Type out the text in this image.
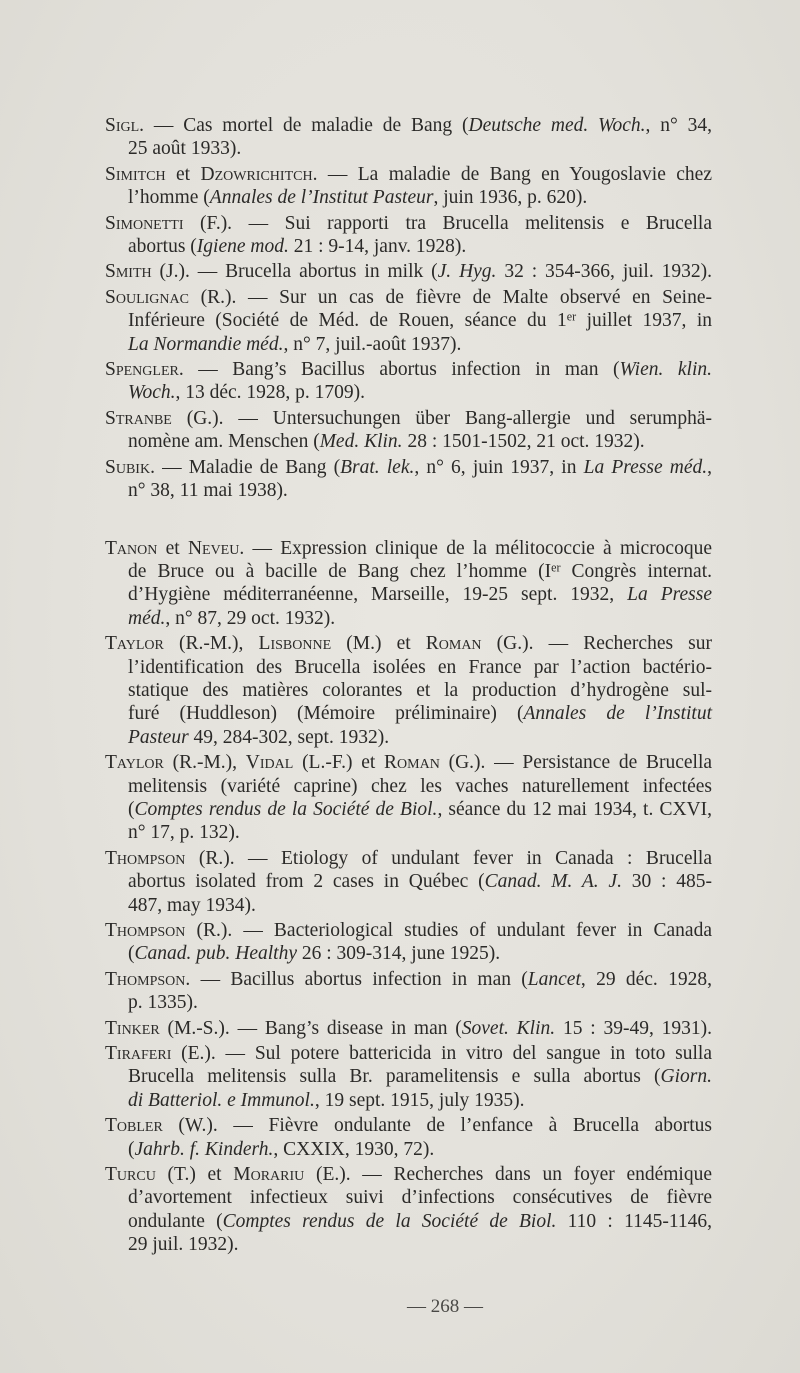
Sigl. — Cas mortel de maladie de Bang (Deutsche med. Woch., n° 34,
25 août 1933).
Simitch et Dzowrichitch. — La maladie de Bang en Yougoslavie chez
l’homme (Annales de l’Institut Pasteur, juin 1936, p. 620).
Simonetti (F.). — Sui rapporti tra Brucella melitensis e Brucella
abortus (Igiene mod. 21 : 9-14, janv. 1928).
Smith (J.). — Brucella abortus in milk (J. Hyg. 32 : 354-366, juil. 1932).
Soulignac (R.). — Sur un cas de fièvre de Malte observé en Seine-
Inférieure (Société de Méd. de Rouen, séance du 1er juillet 1937, in
La Normandie méd., n° 7, juil.-août 1937).
Spengler. — Bang’s Bacillus abortus infection in man (Wien. klin.
Woch., 13 déc. 1928, p. 1709).
Stranbe (G.). — Untersuchungen über Bang-allergie und serumphä-
nomène am. Menschen (Med. Klin. 28 : 1501-1502, 21 oct. 1932).
Subik. — Maladie de Bang (Brat. lek., n° 6, juin 1937, in La Presse méd.,
n° 38, 11 mai 1938).
Tanon et Neveu. — Expression clinique de la mélitococcie à microcoque
de Bruce ou à bacille de Bang chez l’homme (Ier Congrès internat.
d’Hygiène méditerranéenne, Marseille, 19-25 sept. 1932, La Presse
méd., n° 87, 29 oct. 1932).
Taylor (R.-M.), Lisbonne (M.) et Roman (G.). — Recherches sur
l’identification des Brucella isolées en France par l’action bactério-
statique des matières colorantes et la production d’hydrogène sul-
furé (Huddleson) (Mémoire préliminaire) (Annales de l’Institut
Pasteur 49, 284-302, sept. 1932).
Taylor (R.-M.), Vidal (L.-F.) et Roman (G.). — Persistance de Brucella
melitensis (variété caprine) chez les vaches naturellement infectées
(Comptes rendus de la Société de Biol., séance du 12 mai 1934, t. CXVI,
n° 17, p. 132).
Thompson (R.). — Etiology of undulant fever in Canada : Brucella
abortus isolated from 2 cases in Québec (Canad. M. A. J. 30 : 485-
487, may 1934).
Thompson (R.). — Bacteriological studies of undulant fever in Canada
(Canad. pub. Healthy 26 : 309-314, june 1925).
Thompson. — Bacillus abortus infection in man (Lancet, 29 déc. 1928,
p. 1335).
Tinker (M.-S.). — Bang’s disease in man (Sovet. Klin. 15 : 39-49, 1931).
Tiraferi (E.). — Sul potere battericida in vitro del sangue in toto sulla
Brucella melitensis sulla Br. paramelitensis e sulla abortus (Giorn.
di Batteriol. e Immunol., 19 sept. 1915, july 1935).
Tobler (W.). — Fièvre ondulante de l’enfance à Brucella abortus
(Jahrb. f. Kinderh., CXXIX, 1930, 72).
Turcu (T.) et Morariu (E.). — Recherches dans un foyer endémique
d’avortement infectieux suivi d’infections consécutives de fièvre
ondulante (Comptes rendus de la Société de Biol. 110 : 1145-1146,
29 juil. 1932).
— 268 —
